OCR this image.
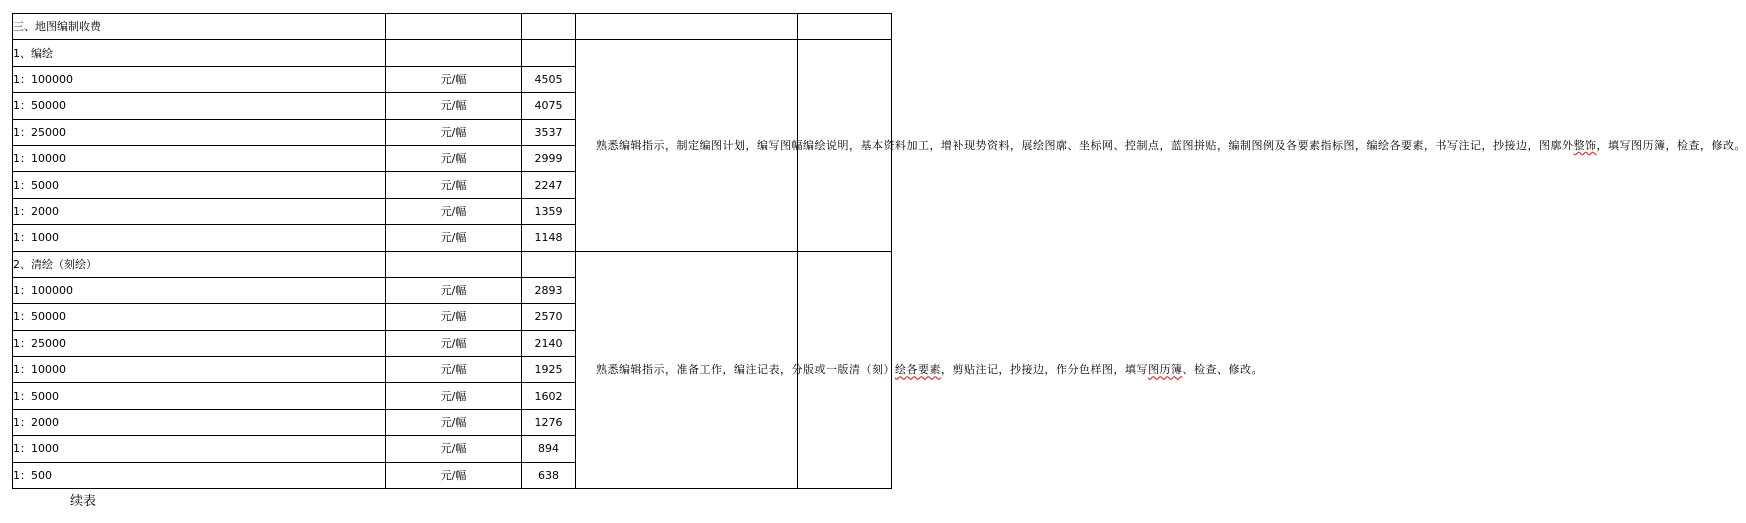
三、地图编制收费				
1、编绘			熟悉编辑指示，制定编图计划，编写图幅编绘说明，基本资料加工，增补现势资料，展绘图廓、坐标网、控制点，蓝图拼贴，编制图例及各要素指标图，编绘各要素，书写注记，抄接边，图廓外整饰，填写图历簿，检查，修改。	
1：100000	元/幅	4505		
1：50000	元/幅	4075		
1：25000	元/幅	3537		
1：10000	元/幅	2999		
1：5000	元/幅	2247		
1：2000	元/幅	1359		
1：1000	元/幅	1148		
2、清绘（刻绘）			熟悉编辑指示，准备工作，编注记表，分版或一版清（刻）绘各要素，剪贴注记，抄接边，作分色样图，填写图历簿、检查、修改。	
1：100000	元/幅	2893		
1：50000	元/幅	2570		
1：25000	元/幅	2140		
1：10000	元/幅	1925		
1：5000	元/幅	1602		
1：2000	元/幅	1276		
1：1000	元/幅	894		
1：500	元/幅	638		
续表
